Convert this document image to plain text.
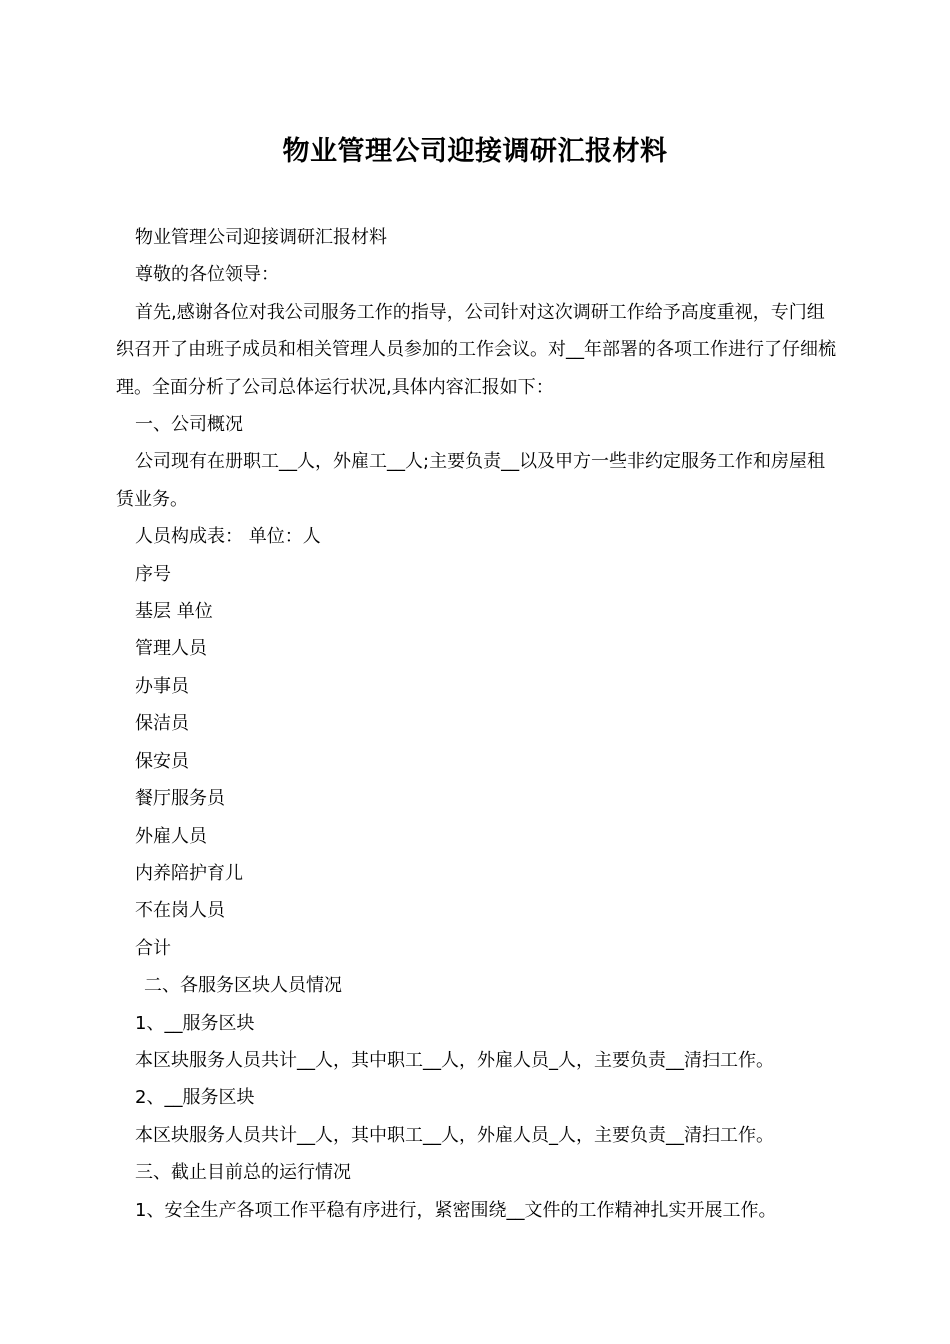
物业管理公司迎接调研汇报材料

物业管理公司迎接调研汇报材料

尊敬的各位领导：

首先,感谢各位对我公司服务工作的指导，公司针对这次调研工作给予高度重视，专门组织召开了由班子成员和相关管理人员参加的工作会议。对__年部署的各项工作进行了仔细梳理。全面分析了公司总体运行状况,具体内容汇报如下：

一、公司概况

公司现有在册职工__人，外雇工__人;主要负责__以及甲方一些非约定服务工作和房屋租赁业务。

人员构成表： 单位：人

序号

基层 单位

管理人员

办事员

保洁员

保安员

餐厅服务员

外雇人员

内养陪护育儿

不在岗人员

合计

二、各服务区块人员情况

1、__服务区块

本区块服务人员共计__人，其中职工__人，外雇人员_人，主要负责__清扫工作。

2、__服务区块

本区块服务人员共计__人，其中职工__人，外雇人员_人，主要负责__清扫工作。

三、截止目前总的运行情况

1、安全生产各项工作平稳有序进行，紧密围绕__文件的工作精神扎实开展工作。
